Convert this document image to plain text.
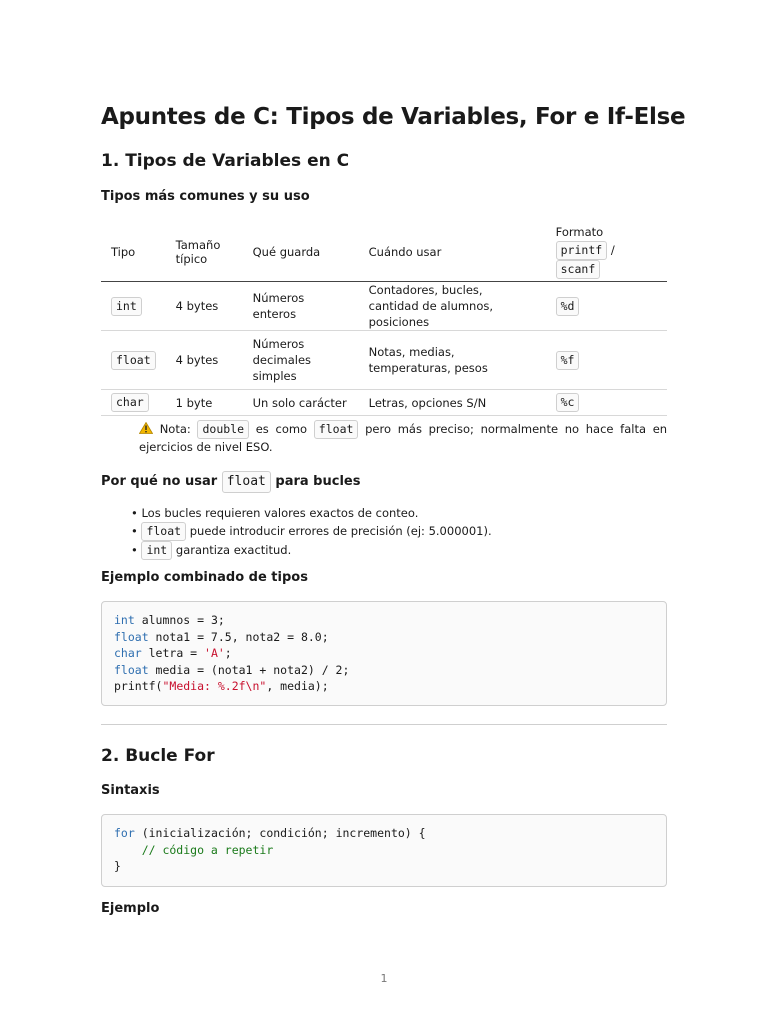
Apuntes de C: Tipos de Variables, For e If-Else
1. Tipos de Variables en C
Tipos más comunes y su uso
Tipo	Tamaño típico	Qué guarda	Cuándo usar	Formato
printf /
scanf
int	4 bytes	Números enteros	Contadores, bucles, cantidad de alumnos, posiciones	%d
float	4 bytes	Números decimales simples	Notas, medias, temperaturas, pesos	%f
char	1 byte	Un solo carácter	Letras, opciones S/N	%c
Nota: double es como float pero más preciso; normalmente no hace falta en ejercicios de nivel ESO.
Por qué no usar float para bucles
• Los bucles requieren valores exactos de conteo.
• float puede introducir errores de precisión (ej: 5.000001).
• int garantiza exactitud.
Ejemplo combinado de tipos
int alumnos = 3;
float nota1 = 7.5, nota2 = 8.0;
char letra = 'A';
float media = (nota1 + nota2) / 2;
printf("Media: %.2f\n", media);
2. Bucle For
Sintaxis
for (inicialización; condición; incremento) {
// código a repetir
}
Ejemplo
1
